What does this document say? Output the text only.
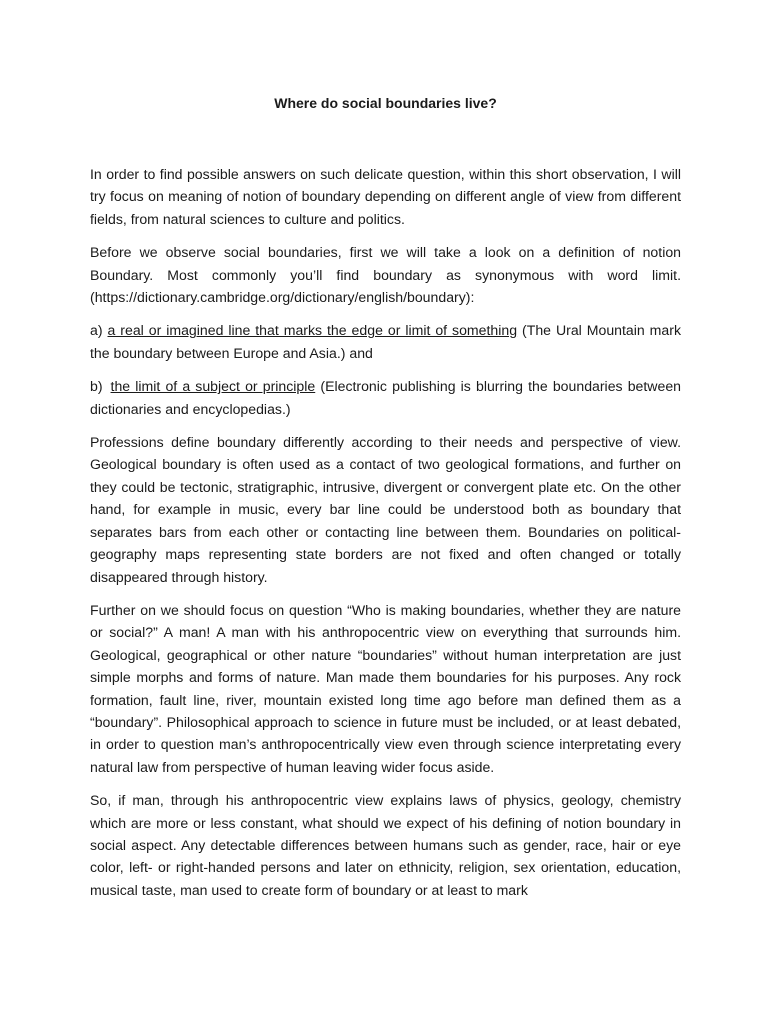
Where do social boundaries live?

In order to find possible answers on such delicate question, within this short observation, I will try focus on meaning of notion of boundary depending on different angle of view from different fields, from natural sciences to culture and politics.

Before we observe social boundaries, first we will take a look on a definition of notion Boundary. Most commonly you’ll find boundary as synonymous with word limit. (https://dictionary.cambridge.org/dictionary/english/boundary):

a) a real or imagined line that marks the edge or limit of something (The Ural Mountain mark the boundary between Europe and Asia.) and

b) the limit of a subject or principle (Electronic publishing is blurring the boundaries between dictionaries and encyclopedias.)

Professions define boundary differently according to their needs and perspective of view. Geological boundary is often used as a contact of two geological formations, and further on they could be tectonic, stratigraphic, intrusive, divergent or convergent plate etc. On the other hand, for example in music, every bar line could be understood both as boundary that separates bars from each other or contacting line between them. Boundaries on political-geography maps representing state borders are not fixed and often changed or totally disappeared through history.

Further on we should focus on question “Who is making boundaries, whether they are nature or social?” A man! A man with his anthropocentric view on everything that surrounds him. Geological, geographical or other nature “boundaries” without human interpretation are just simple morphs and forms of nature. Man made them boundaries for his purposes. Any rock formation, fault line, river, mountain existed long time ago before man defined them as a “boundary”. Philosophical approach to science in future must be included, or at least debated, in order to question man’s anthropocentrically view even through science interpretating every natural law from perspective of human leaving wider focus aside.

So, if man, through his anthropocentric view explains laws of physics, geology, chemistry which are more or less constant, what should we expect of his defining of notion boundary in social aspect. Any detectable differences between humans such as gender, race, hair or eye color, left- or right-handed persons and later on ethnicity, religion, sex orientation, education, musical taste, man used to create form of boundary or at least to mark
